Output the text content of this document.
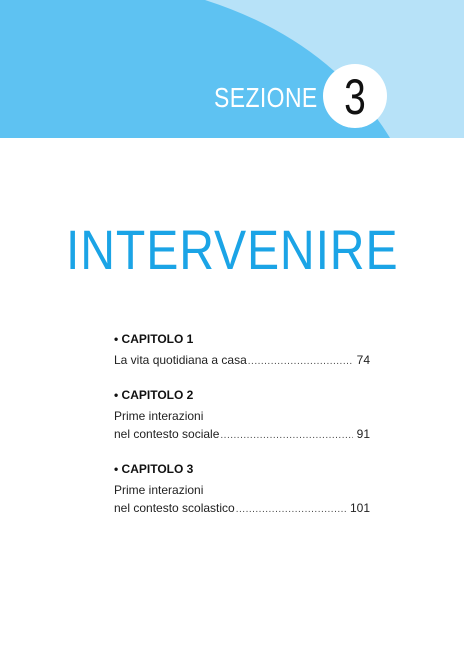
SEZIONE 3
INTERVENIRE
• CAPITOLO 1
La vita quotidiana a casa .....	74
• CAPITOLO 2
Prime interazioni
nel contesto sociale .....	91
• CAPITOLO 3
Prime interazioni
nel contesto scolastico .....	101
